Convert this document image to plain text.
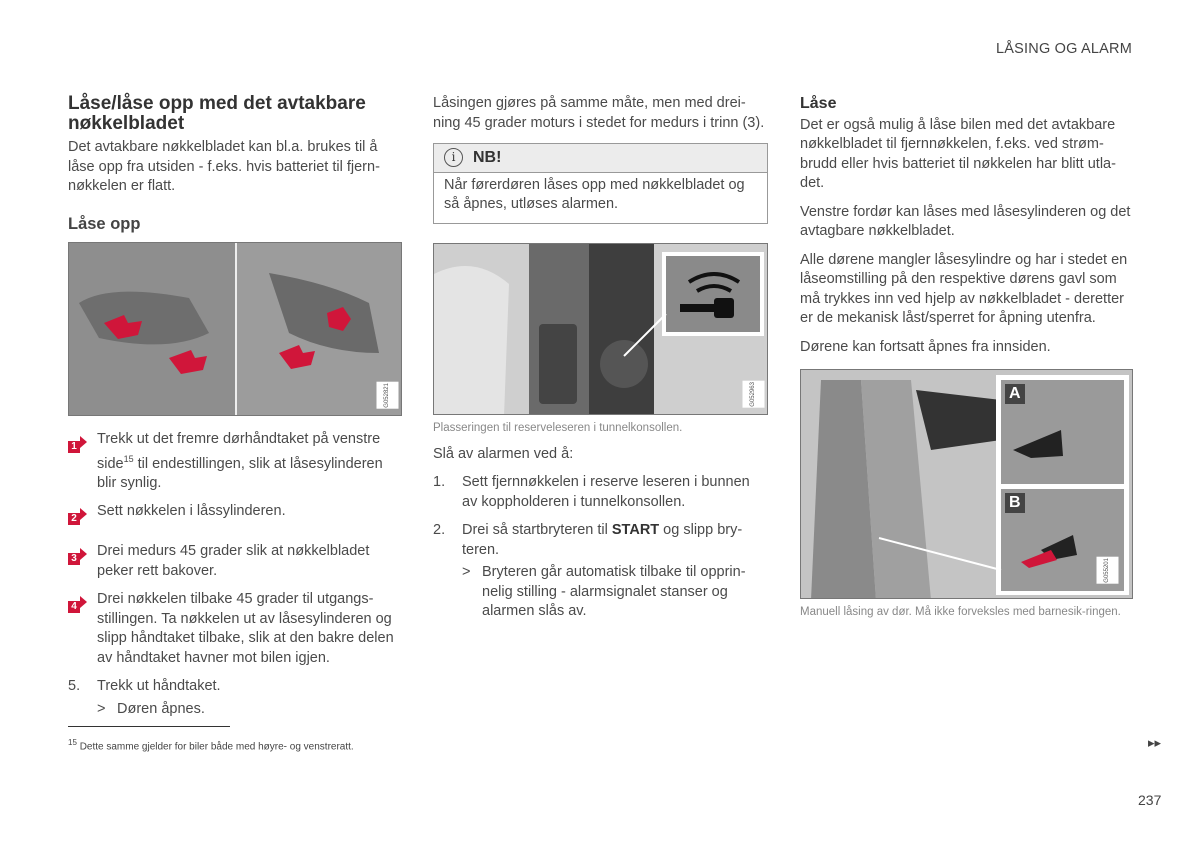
LÅSING OG ALARM
Låse/låse opp med det avtakbare nøkkelbladet

Det avtakbare nøkkelbladet kan bl.a. brukes til å låse opp fra utsiden - f.eks. hvis batteriet til fjern-nøkkelen er flatt.

Låse opp
G052821
1	Trekk ut det fremre dørhåndtaket på venstre side$^{15}$ til endestillingen, slik at låsesylinderen blir synlig.
2	Sett nøkkelen i låssylinderen.
3	Drei medurs 45 grader slik at nøkkelbladet peker rett bakover.
4	Drei nøkkelen tilbake 45 grader til utgangs-stillingen. Ta nøkkelen ut av låsesylinderen og slipp håndtaket tilbake, slik at den bakre delen av håndtaket havner mot bilen igjen.
5.	Trekk ut håndtaket.
> Døren åpnes.
$^{15}$ Dette samme gjelder for biler både med høyre- og venstreratt.

Låsingen gjøres på samme måte, men med drei-ning 45 grader moturs i stedet for medurs i trinn (3).

i	NB!
Når førerdøren låses opp med nøkkelbladet og så åpnes, utløses alarmen.
G052963
Plasseringen til reserveleseren i tunnelkonsollen.

Slå av alarmen ved å:

1.	Sett fjernnøkkelen i reserve leseren i bunnen av koppholderen i tunnelkonsollen.
2.	Drei så startbryteren til START og slipp bry-teren.
> Bryteren går automatisk tilbake til opprin-nelig stilling - alarmsignalet stanser og alarmen slås av.
Låse

Det er også mulig å låse bilen med det avtakbare nøkkelbladet til fjernnøkkelen, f.eks. ved strøm-brudd eller hvis batteriet til nøkkelen har blitt utla-det.

Venstre fordør kan låses med låsesylinderen og det avtagbare nøkkelbladet.

Alle dørene mangler låsesylindre og har i stedet en låseomstilling på den respektive dørens gavl som må trykkes inn ved hjelp av nøkkelbladet - deretter er de mekanisk låst/sperret for åpning utenfra.

Dørene kan fortsatt åpnes fra innsiden.

A
B
G055201
Manuell låsing av dør. Må ikke forveksles med barnesik-ringen.
▸▸
237
